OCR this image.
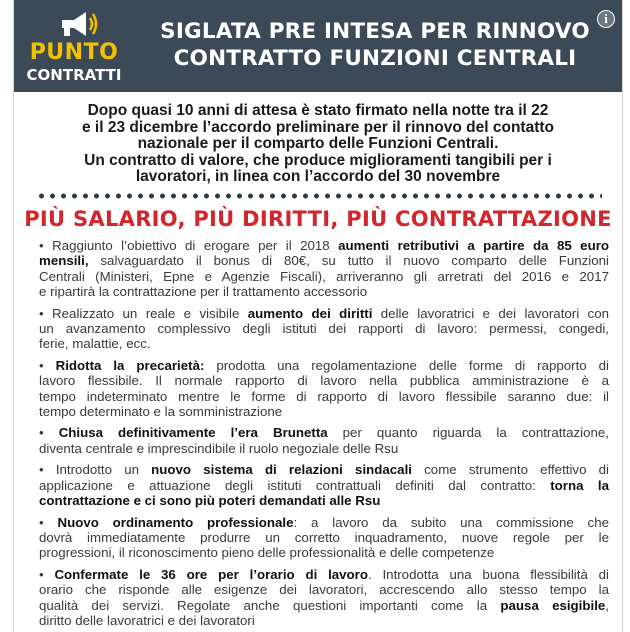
PUNTO
CONTRATTI
SIGLATA PRE INTESA PER RINNOVO
CONTRATTO FUNZIONI CENTRALI
i
Dopo quasi 10 anni di attesa è stato firmato nella notte tra il 22
e il 23 dicembre l’accordo preliminare per il rinnovo del contatto
nazionale per il comparto delle Funzioni Centrali.
Un contratto di valore, che produce miglioramenti tangibili per i
lavoratori, in linea con l’accordo del 30 novembre
PIÙ SALARIO, PIÙ DIRITTI, PIÙ CONTRATTAZIONE
• Raggiunto l’obiettivo di erogare per il 2018 aumenti retributivi a partire da 85 euro
mensili, salvaguardato il bonus di 80€, su tutto il nuovo comparto delle Funzioni
Centrali (Ministeri, Epne e Agenzie Fiscali), arriveranno gli arretrati del 2016 e 2017
e ripartirà la contrattazione per il trattamento accessorio
• Realizzato un reale e visibile aumento dei diritti delle lavoratrici e dei lavoratori con
un avanzamento complessivo degli istituti dei rapporti di lavoro: permessi, congedi,
ferie, malattie, ecc.
• Ridotta la precarietà: prodotta una regolamentazione delle forme di rapporto di
lavoro flessibile. Il normale rapporto di lavoro nella pubblica amministrazione è a
tempo indeterminato mentre le forme di rapporto di lavoro flessibile saranno due: il
tempo determinato e la somministrazione
• Chiusa definitivamente l’era Brunetta per quanto riguarda la contrattazione,
diventa centrale e imprescindibile il ruolo negoziale delle Rsu
• Introdotto un nuovo sistema di relazioni sindacali come strumento effettivo di
applicazione e attuazione degli istituti contrattuali definiti dal contratto: torna la
contrattazione e ci sono più poteri demandati alle Rsu
• Nuovo ordinamento professionale: a lavoro da subito una commissione che
dovrà immediatamente produrre un corretto inquadramento, nuove regole per le
progressioni, il riconoscimento pieno delle professionalità e delle competenze
• Confermate le 36 ore per l’orario di lavoro. Introdotta una buona flessibilità di
orario che risponde alle esigenze dei lavoratori, accrescendo allo stesso tempo la
qualità dei servizi. Regolate anche questioni importanti come la pausa esigibile,
diritto delle lavoratrici e dei lavoratori
